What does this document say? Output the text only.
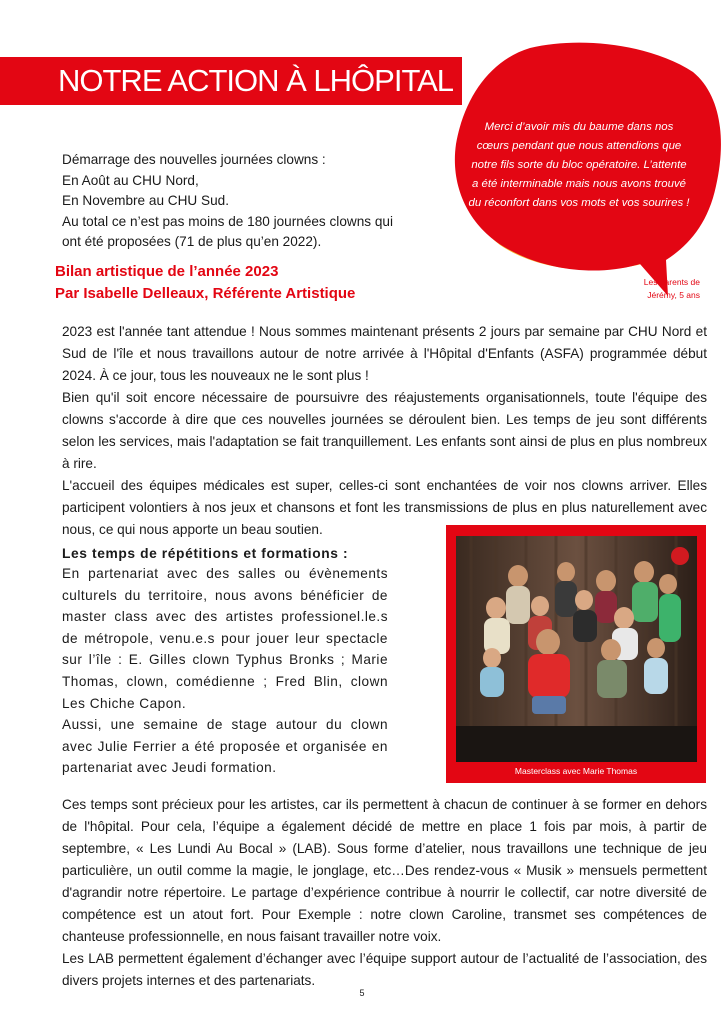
NOTRE ACTION À LHÔPITAL
Merci d’avoir mis du baume dans nos cœurs pendant que nous attendions que notre fils sorte du bloc opératoire. L’attente a été interminable mais nous avons trouvé du réconfort dans vos mots et vos sourires !
Les parents de
Jérémy, 5 ans
Démarrage des nouvelles journées clowns :
En Août au CHU Nord,
En Novembre au CHU Sud.
Au total ce n’est pas moins de 180 journées clowns qui
ont été proposées (71 de plus qu’en 2022).
Bilan artistique de l’année 2023
Par Isabelle Delleaux, Référente Artistique
2023 est l'année tant attendue ! Nous sommes maintenant présents 2 jours par semaine par CHU Nord et Sud de l'île et nous travaillons autour de notre arrivée à l'Hôpital d'Enfants (ASFA) programmée début 2024. À ce jour, tous les nouveaux ne le sont plus !
Bien qu'il soit encore nécessaire de poursuivre des réajustements organisationnels, toute l'équipe des clowns s'accorde à dire que ces nouvelles journées se déroulent bien. Les temps de jeu sont différents selon les services, mais l'adaptation se fait tranquillement. Les enfants sont ainsi de plus en plus nombreux à rire.
L'accueil des équipes médicales est super, celles-ci sont enchantées de voir nos clowns arriver. Elles participent volontiers à nos jeux et chansons et font les transmissions de plus en plus naturellement avec nous, ce qui nous apporte un beau soutien.
Les temps de répétitions et formations :
En partenariat avec des salles ou évènements culturels du territoire, nous avons bénéficier de master class avec des artistes professionel.le.s de métropole, venu.e.s pour jouer leur spectacle sur l’île : E. Gilles clown Typhus Bronks ; Marie Thomas, clown, comédienne ; Fred Blin, clown Les Chiche Capon.
Aussi, une semaine de stage autour du clown avec Julie Ferrier a été proposée et organisée en partenariat avec Jeudi formation.	Masterclass avec Marie Thomas
Ces temps sont précieux pour les artistes, car ils permettent à chacun de continuer à se former en dehors de l'hôpital. Pour cela, l’équipe a également décidé de mettre en place 1 fois par mois, à partir de septembre, « Les Lundi Au Bocal » (LAB). Sous forme d’atelier, nous travaillons une technique de jeu particulière, un outil comme la magie, le jonglage, etc…Des rendez-vous « Musik » mensuels permettent d'agrandir notre répertoire. Le partage d’expérience contribue à nourrir le collectif, car notre diversité de compétence est un atout fort. Pour Exemple : notre clown Caroline, transmet ses compétences de chanteuse professionnelle, en nous faisant travailler notre voix.
Les LAB permettent également d’échanger avec l’équipe support autour de l’actualité de l’association, des divers projets internes et des partenariats.
5
